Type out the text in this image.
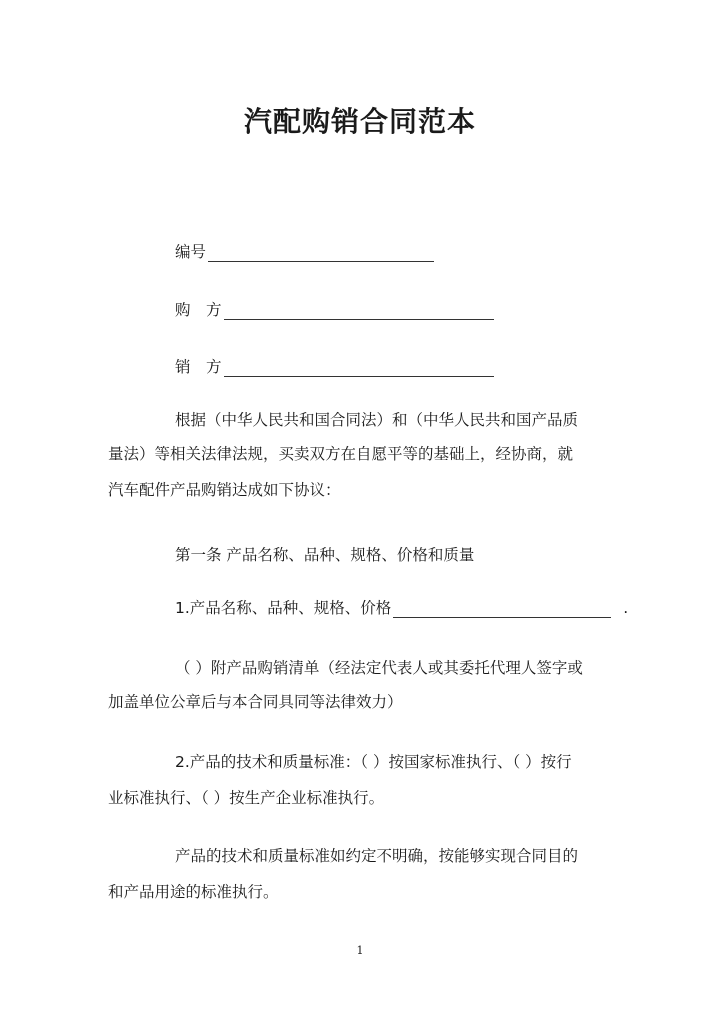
汽配购销合同范本
编号
购　方
销　方
根据（中华人民共和国合同法）和（中华人民共和国产品质
量法）等相关法律法规，买卖双方在自愿平等的基础上，经协商，就
汽车配件产品购销达成如下协议：
第一条 产品名称、品种、规格、价格和质量
1.产品名称、品种、规格、价格	.
（ ）附产品购销清单（经法定代表人或其委托代理人签字或
加盖单位公章后与本合同具同等法律效力）
2.产品的技术和质量标准：（ ）按国家标准执行、（ ）按行
业标准执行、（ ）按生产企业标准执行。
产品的技术和质量标准如约定不明确，按能够实现合同目的
和产品用途的标准执行。
1
